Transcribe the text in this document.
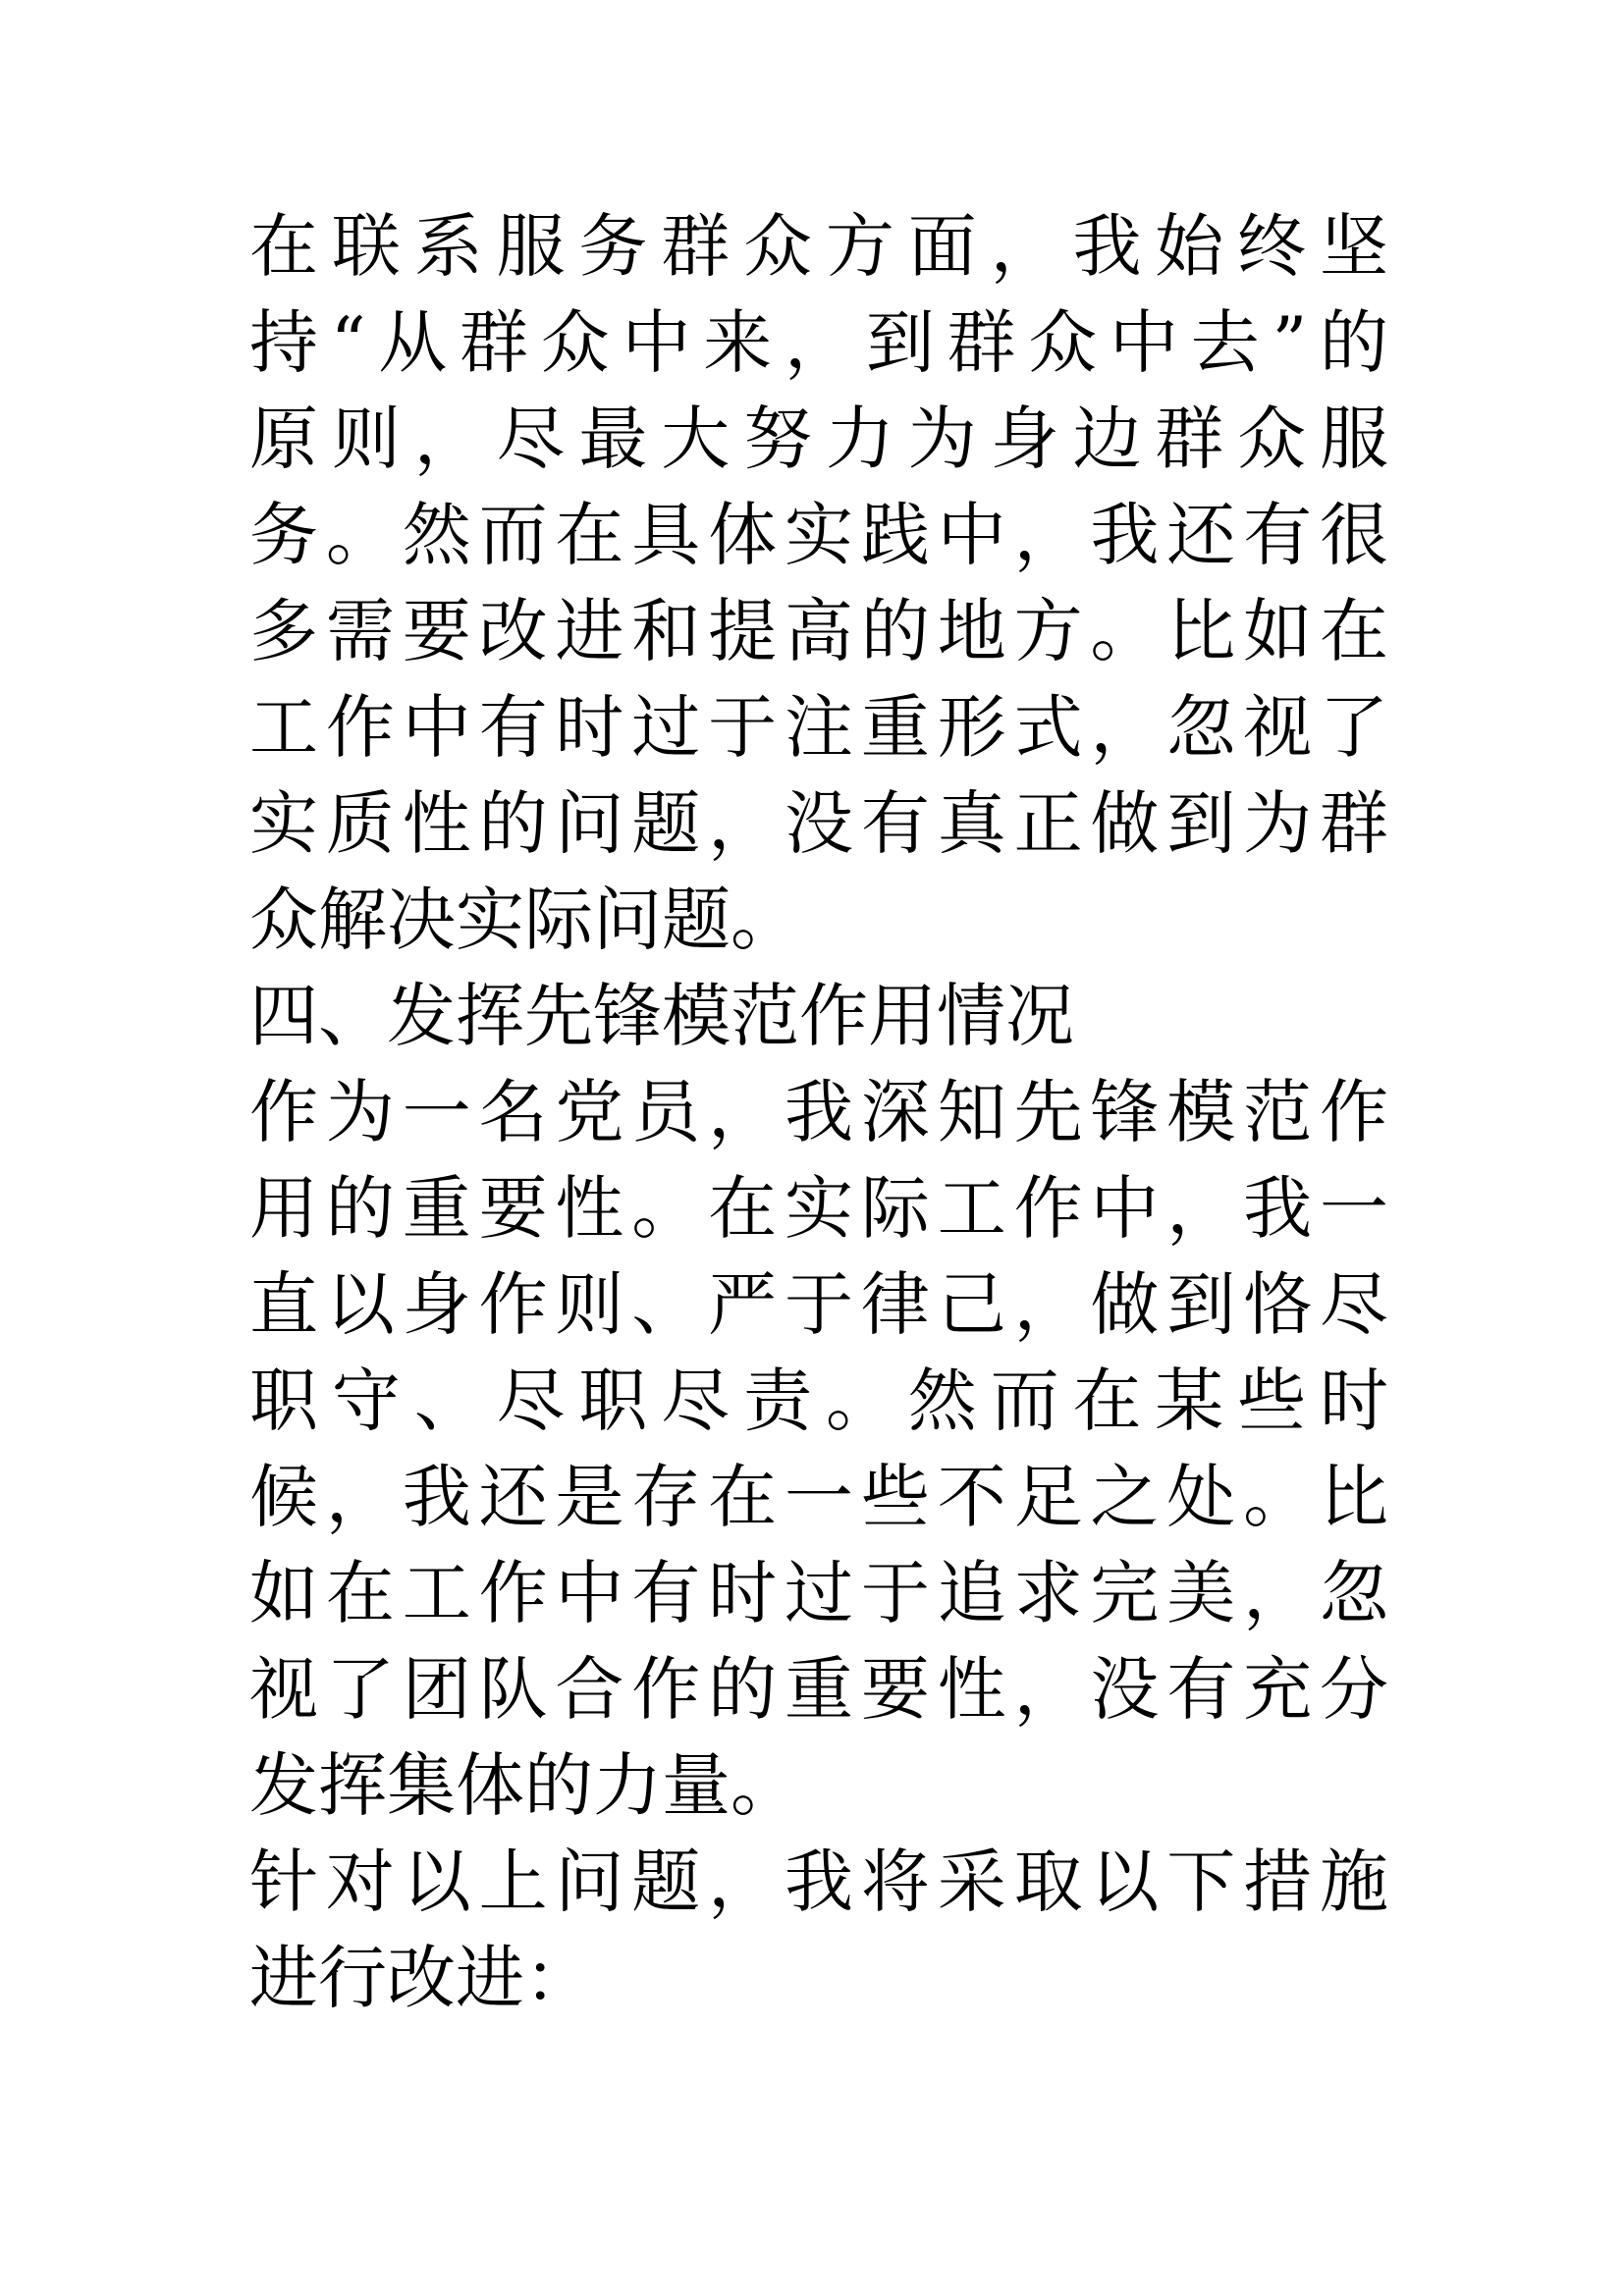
在联系服务群众方面，我始终坚
持“从群众中来，到群众中去”的
原则，尽最大努力为身边群众服
务。然而在具体实践中，我还有很
多需要改进和提高的地方。比如在
工作中有时过于注重形式，忽视了
实质性的问题，没有真正做到为群
众解决实际问题。
四、发挥先锋模范作用情况
作为一名党员，我深知先锋模范作
用的重要性。在实际工作中，我一
直以身作则、严于律己，做到恪尽
职守、尽职尽责。然而在某些时
候，我还是存在一些不足之处。比
如在工作中有时过于追求完美，忽
视了团队合作的重要性，没有充分
发挥集体的力量。
针对以上问题，我将采取以下措施
进行改进：
